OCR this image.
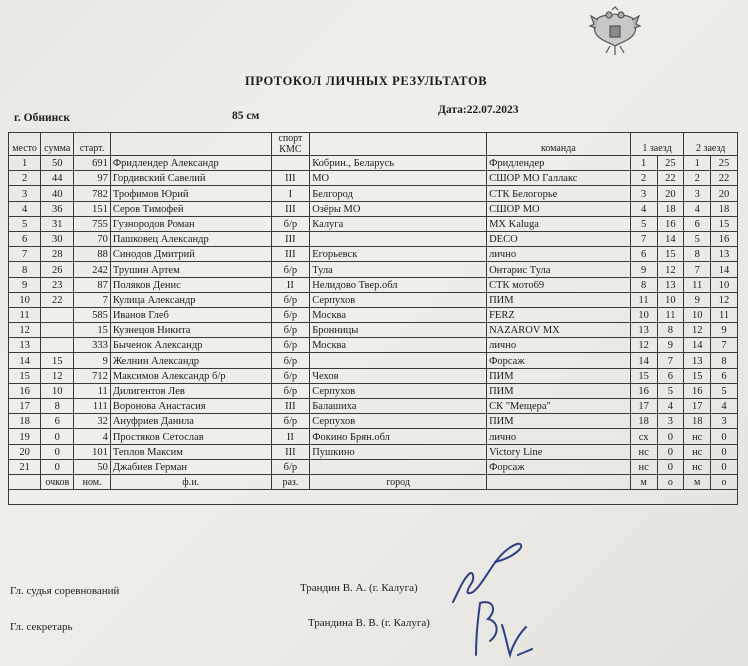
ПРОТОКОЛ ЛИЧНЫХ РЕЗУЛЬТАТОВ
г. Обнинск	85 см	Дата:22.07.2023
место	сумма	старт.		спорт КМС		команда	1 заезд		2 заезд	
1	50	691	Фридлендер Александр		Кобрин., Беларусь	Фридлендер	1	25	1	25
2	44	97	Гордивский Савелий	III	МО	СШОР МО Галлакс	2	22	2	22
3	40	782	Трофимов Юрий	I	Белгород	СТК Белогорье	3	20	3	20
4	36	151	Серов Тимофей	III	Озёры МО	СШОР МО	4	18	4	18
5	31	755	Гузнородов Роман	б/р	Калуга	MX Kaluga	5	16	6	15
6	30	70	Пашковец Александр	III		DECO	7	14	5	16
7	28	88	Синодов Дмитрий	III	Егорьевск	лично	6	15	8	13
8	26	242	Трушин Артем	б/р	Тула	Онтарис Тула	9	12	7	14
9	23	87	Поляков Денис	II	Нелидово Твер.обл	СТК мото69	8	13	11	10
10	22	7	Кулица Александр	б/р	Серпухов	ПИМ	11	10	9	12
11		585	Иванов Глеб	б/р	Москва	FERZ	10	11	10	11
12		15	Кузнецов Никита	б/р	Бронницы	NAZAROV MX	13	8	12	9
13		333	Быченок Александр	б/р	Москва	лично	12	9	14	7
14	15	9	Желнин Александр	б/р		Форсаж	14	7	13	8
15	12	712	Максимов Александр б/р	б/р	Чехов	ПИМ	15	6	15	6
16	10	11	Дилигентов Лев	б/р	Серпухов	ПИМ	16	5	16	5
17	8	111	Воронова Анастасия	III	Балашиха	СК "Мещера"	17	4	17	4
18	6	32	Ануфриев Данила	б/р	Серпухов	ПИМ	18	3	18	3
19	0	4	Простяков Сетослав	II	Фокино Брян.обл	лично	сх	0	нс	0
20	0	101	Теплов Максим	III	Пушкино	Victory Line	нс	0	нс	0
21	0	50	Джабиев Герман	б/р		Форсаж	нс	0	нс	0
	очков	ном.	ф.и.	раз.	город		м	о	м	о

Гл. судья соревнований	Трандин В. А. (г. Калуга)
Гл. секретарь	Трандина В. В. (г. Калуга)
